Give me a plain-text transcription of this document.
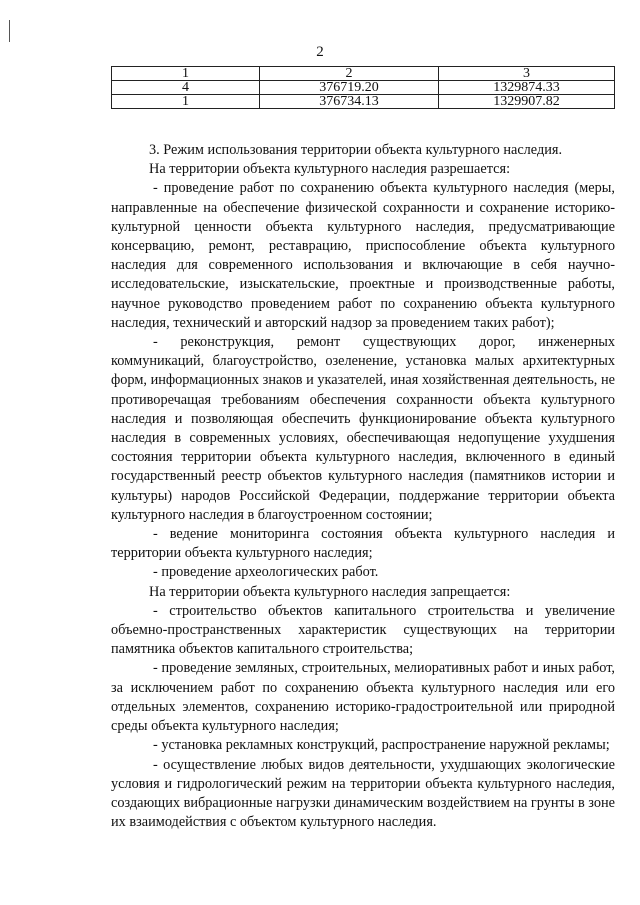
2
1	2	3
4	376719.20	1329874.33
1	376734.13	1329907.82

3. Режим использования территории объекта культурного наследия.

На территории объекта культурного наследия разрешается:

- проведение работ по сохранению объекта культурного наследия (меры, направленные на обеспечение физической сохранности и сохранение историко-культурной ценности объекта культурного наследия, предусматривающие консервацию, ремонт, реставрацию, приспособление объекта культурного наследия для современного использования и включающие в себя научно-исследовательские, изыскательские, проектные и производственные работы, научное руководство проведением работ по сохранению объекта культурного наследия, технический и авторский надзор за проведением таких работ);

- реконструкция, ремонт существующих дорог, инженерных коммуникаций, благоустройство, озеленение, установка малых архитектурных форм, информационных знаков и указателей, иная хозяйственная деятельность, не противоречащая требованиям обеспечения сохранности объекта культурного наследия и позволяющая обеспечить функционирование объекта культурного наследия в современных условиях, обеспечивающая недопущение ухудшения состояния территории объекта культурного наследия, включенного в единый государственный реестр объектов культурного наследия (памятников истории и культуры) народов Российской Федерации, поддержание территории объекта культурного наследия в благоустроенном состоянии;

- ведение мониторинга состояния объекта культурного наследия и территории объекта культурного наследия;

- проведение археологических работ.

На территории объекта культурного наследия запрещается:

- строительство объектов капитального строительства и увеличение объемно-пространственных характеристик существующих на территории памятника объектов капитального строительства;

- проведение земляных, строительных, мелиоративных работ и иных работ, за исключением работ по сохранению объекта культурного наследия или его отдельных элементов, сохранению историко-градостроительной или природной среды объекта культурного наследия;

- установка рекламных конструкций, распространение наружной рекламы;

- осуществление любых видов деятельности, ухудшающих экологические условия и гидрологический режим на территории объекта культурного наследия, создающих вибрационные нагрузки динамическим воздействием на грунты в зоне их взаимодействия с объектом культурного наследия.
